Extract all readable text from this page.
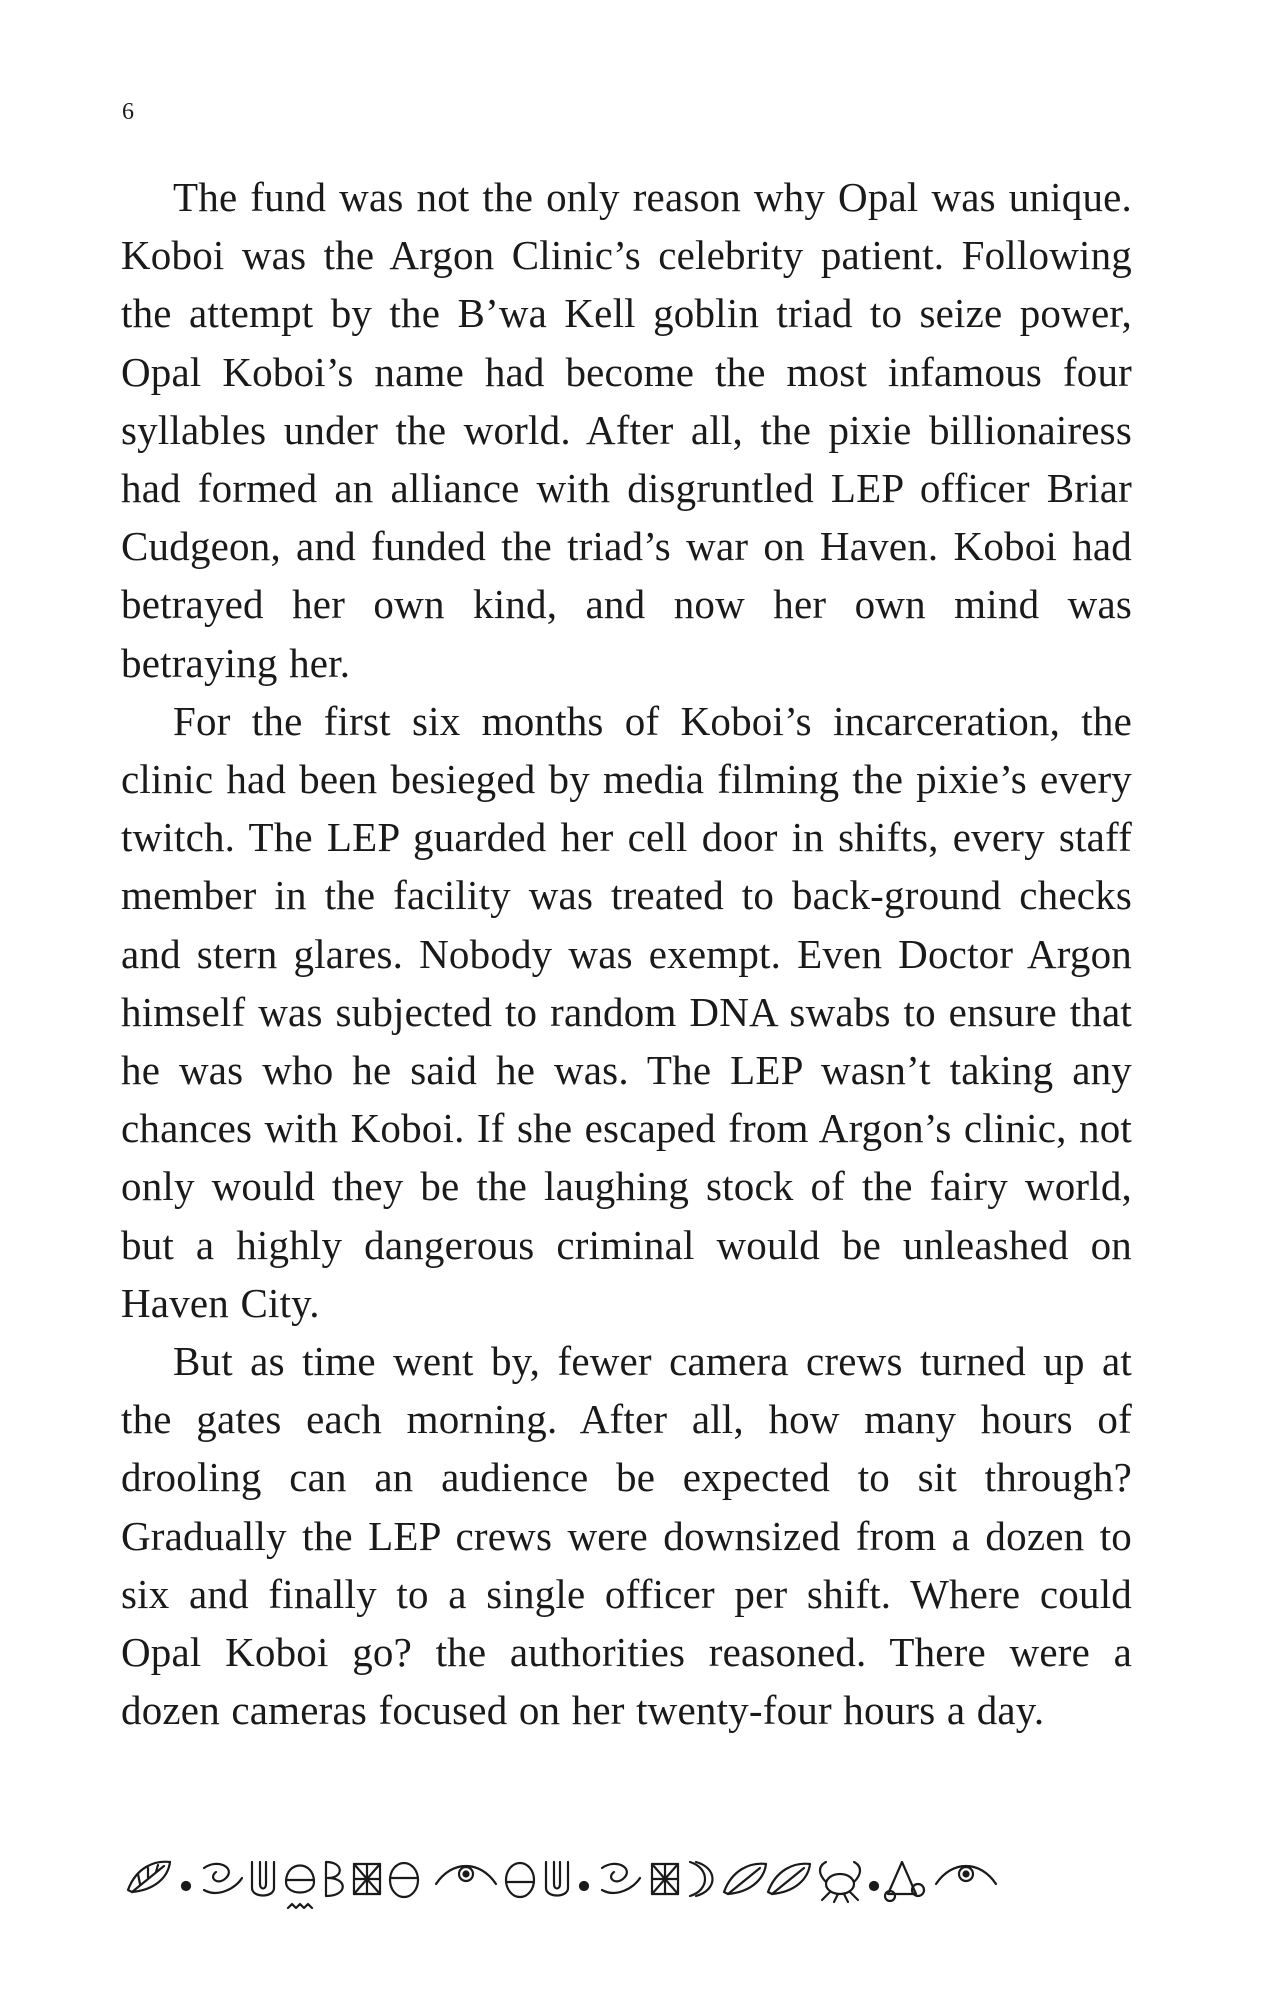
6

The fund was not the only reason why Opal was unique. Koboi was the Argon Clinic’s celebrity patient. Following the attempt by the B’wa Kell goblin triad to seize power, Opal Koboi’s name had become the most infamous four syllables under the world. After all, the pixie billionairess had formed an alliance with disgruntled LEP officer Briar Cudgeon, and funded the triad’s war on Haven. Koboi had betrayed her own kind, and now her own mind was betraying her.

For the first six months of Koboi’s incarceration, the clinic had been besieged by media filming the pixie’s every twitch. The LEP guarded her cell door in shifts, every staff member in the facility was treated to back-ground checks and stern glares. Nobody was exempt. Even Doctor Argon himself was subjected to random DNA swabs to ensure that he was who he said he was. The LEP wasn’t taking any chances with Koboi. If she escaped from Argon’s clinic, not only would they be the laughing stock of the fairy world, but a highly dangerous criminal would be unleashed on Haven City.

But as time went by, fewer camera crews turned up at the gates each morning. After all, how many hours of drooling can an audience be expected to sit through? Gradually the LEP crews were downsized from a dozen to six and finally to a single officer per shift. Where could Opal Koboi go? the authorities reasoned. There were a dozen cameras focused on her twenty-four hours a day.
